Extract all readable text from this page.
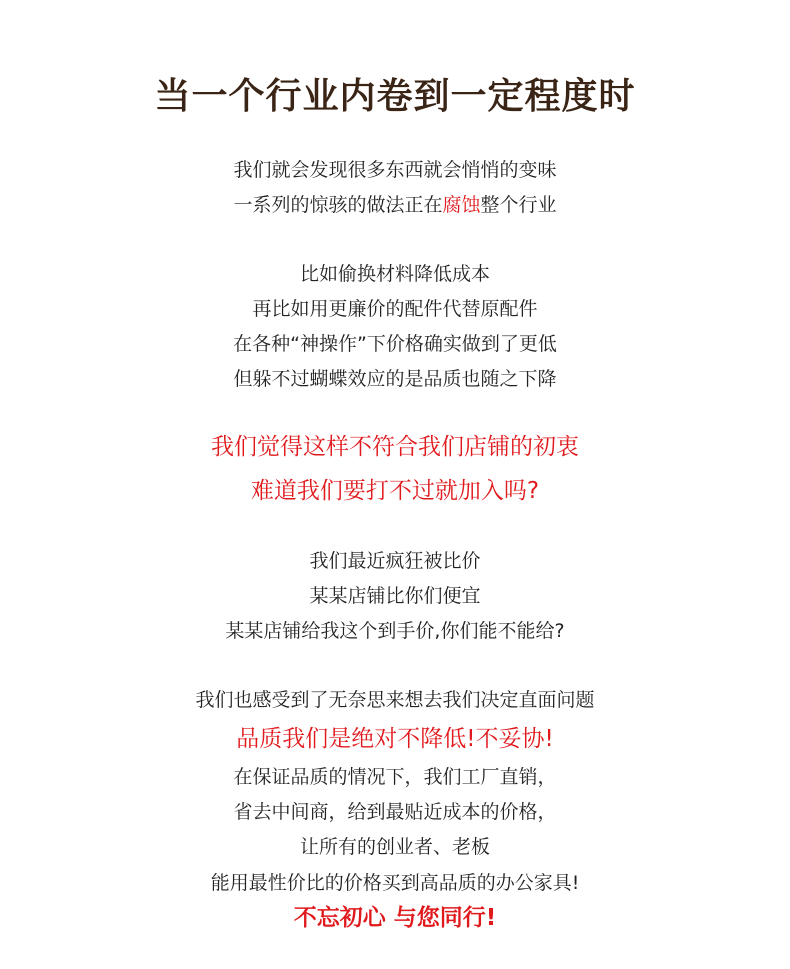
当一个行业内卷到一定程度时
我们就会发现很多东西就会悄悄的变味
一系列的惊骇的做法正在腐蚀整个行业
比如偷换材料降低成本
再比如用更廉价的配件代替原配件
在各种“神操作”下价格确实做到了更低
但躲不过蝴蝶效应的是品质也随之下降
我们觉得这样不符合我们店铺的初衷
难道我们要打不过就加入吗?
我们最近疯狂被比价
某某店铺比你们便宜
某某店铺给我这个到手价,你们能不能给?
我们也感受到了无奈思来想去我们决定直面问题
品质我们是绝对不降低!不妥协!
在保证品质的情况下，我们工厂直销，
省去中间商，给到最贴近成本的价格，
让所有的创业者、老板
能用最性价比的价格买到高品质的办公家具!
不忘初心 与您同行!
